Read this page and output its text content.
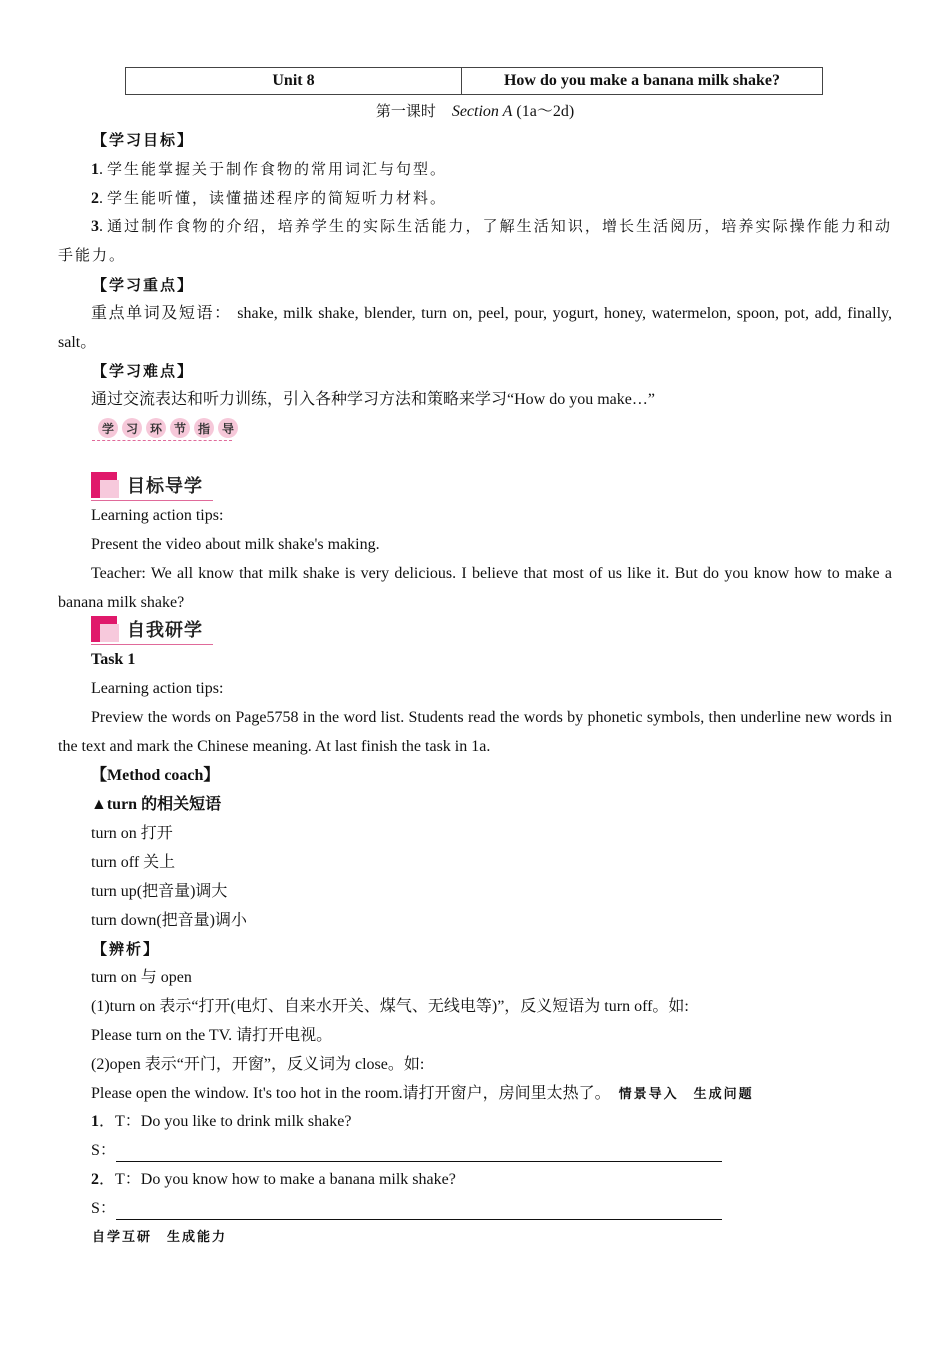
Unit 8	How do you make a banana milk shake?
第一课时 Section A (1a～2d)
【学习目标】
1. 学生能掌握关于制作食物的常用词汇与句型。
2. 学生能听懂，读懂描述程序的简短听力材料。
3. 通过制作食物的介绍，培养学生的实际生活能力，了解生活知识，增长生活阅历，培养实际操作能力和动手能力。
【学习重点】
重点单词及短语： shake, milk shake, blender, turn on, peel, pour, yogurt, honey, watermelon, spoon, pot, add, finally, salt。
【学习难点】
通过交流表达和听力训练，引入各种学习方法和策略来学习“How do you make…”
学 习 环 节 指 导
目标导学
Learning action tips:
Present the video about milk shake's making.
Teacher: We all know that milk shake is very delicious. I believe that most of us like it. But do you know how to make a banana milk shake?
自我研学
Task 1
Learning action tips:
Preview the words on Page5758 in the word list. Students read the words by phonetic symbols, then underline new words in the text and mark the Chinese meaning. At last finish the task in 1a.
【Method coach】
▲turn 的相关短语
turn on 打开
turn off 关上
turn up(把音量)调大
turn down(把音量)调小
【辨析】
turn on 与 open
(1)turn on 表示“打开(电灯、自来水开关、煤气、无线电等)”，反义短语为 turn off。如:
Please turn on the TV. 请打开电视。
(2)open 表示“开门，开窗”，反义词为 close。如:
Please open the window. It's too hot in the room.请打开窗户，房间里太热了。 情景导入　生成问题
1．T：Do you like to drink milk shake?
S：
2．T：Do you know how to make a banana milk shake?
S：
自学互研　生成能力
